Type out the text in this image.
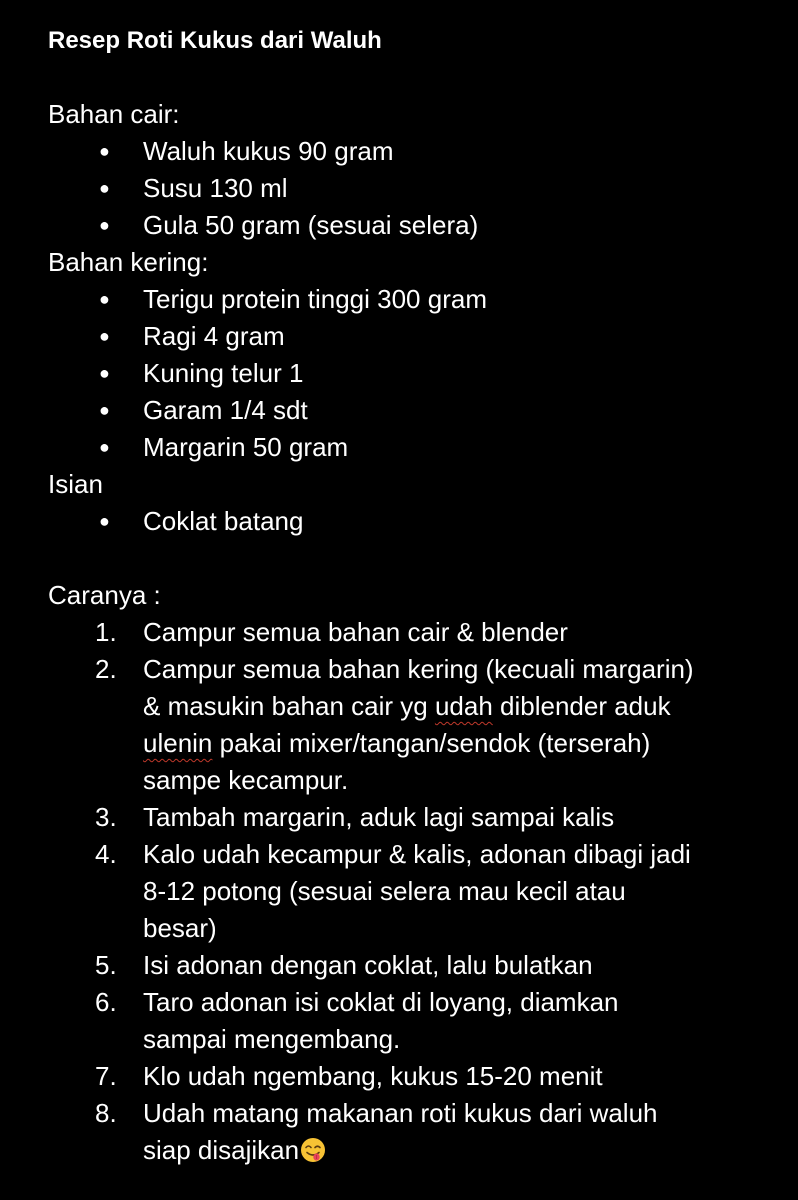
Resep Roti Kukus dari Waluh
Bahan cair:
● Waluh kukus 90 gram
● Susu 130 ml
● Gula 50 gram (sesuai selera)
Bahan kering:
● Terigu protein tinggi 300 gram
● Ragi 4 gram
● Kuning telur 1
● Garam 1/4 sdt
● Margarin 50 gram
Isian
● Coklat batang
Caranya :
1. Campur semua bahan cair & blender
2. Campur semua bahan kering (kecuali margarin)
& masukin bahan cair yg udah diblender aduk
ulenin pakai mixer/tangan/sendok (terserah)
sampe kecampur.
3. Tambah margarin, aduk lagi sampai kalis
4. Kalo udah kecampur & kalis, adonan dibagi jadi
8-12 potong (sesuai selera mau kecil atau
besar)
5. Isi adonan dengan coklat, lalu bulatkan
6. Taro adonan isi coklat di loyang, diamkan
sampai mengembang.
7. Klo udah ngembang, kukus 15-20 menit
8. Udah matang makanan roti kukus dari waluh
siap disajikan
